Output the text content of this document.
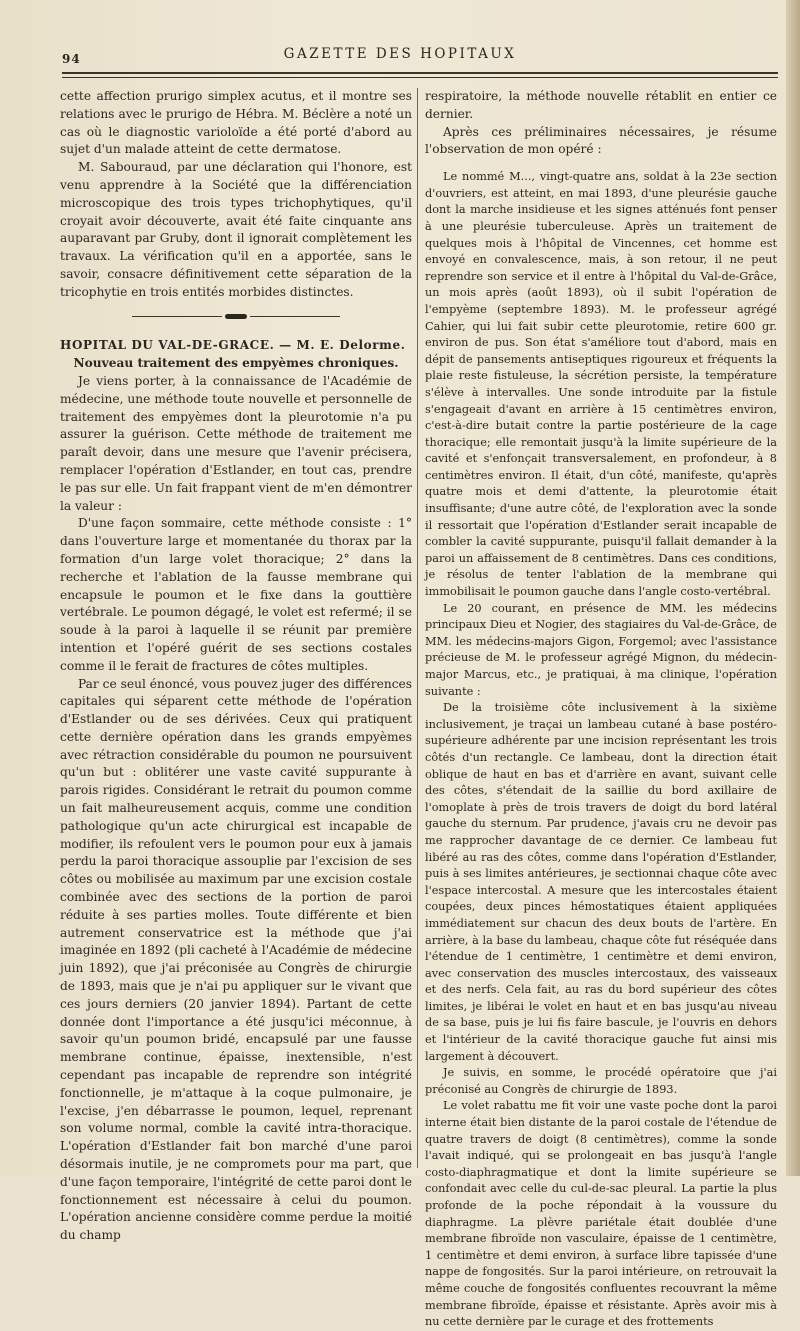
94	GAZETTE DES HOPITAUX

cette affection prurigo simplex acutus, et il montre ses relations avec le prurigo de Hébra. M. Béclère a noté un cas où le diagnostic varioloïde a été porté d'abord au sujet d'un malade atteint de cette dermatose.

M. Sabouraud, par une déclaration qui l'honore, est venu apprendre à la Société que la différenciation microscopique des trois types trichophytiques, qu'il croyait avoir découverte, avait été faite cinquante ans auparavant par Gruby, dont il ignorait complètement les travaux. La vérification qu'il en a apportée, sans le savoir, consacre définitivement cette séparation de la tricophytie en trois entités morbides distinctes.

HOPITAL DU VAL-DE-GRACE. — M. E. Delorme.

Nouveau traitement des empyèmes chroniques.

Je viens porter, à la connaissance de l'Académie de médecine, une méthode toute nouvelle et personnelle de traitement des empyèmes dont la pleurotomie n'a pu assurer la guérison. Cette méthode de traitement me paraît devoir, dans une mesure que l'avenir précisera, remplacer l'opération d'Estlander, en tout cas, prendre le pas sur elle. Un fait frappant vient de m'en démontrer la valeur :

D'une façon sommaire, cette méthode consiste : 1° dans l'ouverture large et momentanée du thorax par la formation d'un large volet thoracique; 2° dans la recherche et l'ablation de la fausse membrane qui encapsule le poumon et le fixe dans la gouttière vertébrale. Le poumon dégagé, le volet est refermé; il se soude à la paroi à laquelle il se réunit par première intention et l'opéré guérit de ses sections costales comme il le ferait de fractures de côtes multiples.

Par ce seul énoncé, vous pouvez juger des différences capitales qui séparent cette méthode de l'opération d'Estlander ou de ses dérivées. Ceux qui pratiquent cette dernière opération dans les grands empyèmes avec rétraction considérable du poumon ne poursuivent qu'un but : oblitérer une vaste cavité suppurante à parois rigides. Considérant le retrait du poumon comme un fait malheureusement acquis, comme une condition pathologique qu'un acte chirurgical est incapable de modifier, ils refoulent vers le poumon pour eux à jamais perdu la paroi thoracique assouplie par l'excision de ses côtes ou mobilisée au maximum par une excision costale combinée avec des sections de la portion de paroi réduite à ses parties molles. Toute différente et bien autrement conservatrice est la méthode que j'ai imaginée en 1892 (pli cacheté à l'Académie de médecine juin 1892), que j'ai préconisée au Congrès de chirurgie de 1893, mais que je n'ai pu appliquer sur le vivant que ces jours derniers (20 janvier 1894). Partant de cette donnée dont l'importance a été jusqu'ici méconnue, à savoir qu'un poumon bridé, encapsulé par une fausse membrane continue, épaisse, inextensible, n'est cependant pas incapable de reprendre son intégrité fonctionnelle, je m'attaque à la coque pulmonaire, je l'excise, j'en débarrasse le poumon, lequel, reprenant son volume normal, comble la cavité intra-thoracique. L'opération d'Estlander fait bon marché d'une paroi désormais inutile, je ne compromets pour ma part, que d'une façon temporaire, l'intégrité de cette paroi dont le fonctionnement est nécessaire à celui du poumon. L'opération ancienne considère comme perdue la moitié du champ

respiratoire, la méthode nouvelle rétablit en entier ce dernier.

Après ces préliminaires nécessaires, je résume l'observation de mon opéré :

Le nommé M..., vingt-quatre ans, soldat à la 23e section d'ouvriers, est atteint, en mai 1893, d'une pleurésie gauche dont la marche insidieuse et les signes atténués font penser à une pleurésie tuberculeuse. Après un traitement de quelques mois à l'hôpital de Vincennes, cet homme est envoyé en convalescence, mais, à son retour, il ne peut reprendre son service et il entre à l'hôpital du Val-de-Grâce, un mois après (août 1893), où il subit l'opération de l'empyème (septembre 1893). M. le professeur agrégé Cahier, qui lui fait subir cette pleurotomie, retire 600 gr. environ de pus. Son état s'améliore tout d'abord, mais en dépit de pansements antiseptiques rigoureux et fréquents la plaie reste fistuleuse, la sécrétion persiste, la température s'élève à intervalles. Une sonde introduite par la fistule s'engageait d'avant en arrière à 15 centimètres environ, c'est-à-dire butait contre la partie postérieure de la cage thoracique; elle remontait jusqu'à la limite supérieure de la cavité et s'enfonçait transversalement, en profondeur, à 8 centimètres environ. Il était, d'un côté, manifeste, qu'après quatre mois et demi d'attente, la pleurotomie était insuffisante; d'une autre côté, de l'exploration avec la sonde il ressortait que l'opération d'Estlander serait incapable de combler la cavité suppurante, puisqu'il fallait demander à la paroi un affaissement de 8 centimètres. Dans ces conditions, je résolus de tenter l'ablation de la membrane qui immobilisait le poumon gauche dans l'angle costo-vertébral.

Le 20 courant, en présence de MM. les médecins principaux Dieu et Nogier, des stagiaires du Val-de-Grâce, de MM. les médecins-majors Gigon, Forgemol; avec l'assistance précieuse de M. le professeur agrégé Mignon, du médecin-major Marcus, etc., je pratiquai, à ma clinique, l'opération suivante :

De la troisième côte inclusivement à la sixième inclusivement, je traçai un lambeau cutané à base postéro-supérieure adhérente par une incision représentant les trois côtés d'un rectangle. Ce lambeau, dont la direction était oblique de haut en bas et d'arrière en avant, suivant celle des côtes, s'étendait de la saillie du bord axillaire de l'omoplate à près de trois travers de doigt du bord latéral gauche du sternum. Par prudence, j'avais cru ne devoir pas me rapprocher davantage de ce dernier. Ce lambeau fut libéré au ras des côtes, comme dans l'opération d'Estlander, puis à ses limites antérieures, je sectionnai chaque côte avec l'espace intercostal. A mesure que les intercostales étaient coupées, deux pinces hémostatiques étaient appliquées immédiatement sur chacun des deux bouts de l'artère. En arrière, à la base du lambeau, chaque côte fut réséquée dans l'étendue de 1 centimètre, 1 centimètre et demi environ, avec conservation des muscles intercostaux, des vaisseaux et des nerfs. Cela fait, au ras du bord supérieur des côtes limites, je libérai le volet en haut et en bas jusqu'au niveau de sa base, puis je lui fis faire bascule, je l'ouvris en dehors et l'intérieur de la cavité thoracique gauche fut ainsi mis largement à découvert.

Je suivis, en somme, le procédé opératoire que j'ai préconisé au Congrès de chirurgie de 1893.

Le volet rabattu me fit voir une vaste poche dont la paroi interne était bien distante de la paroi costale de l'étendue de quatre travers de doigt (8 centimètres), comme la sonde l'avait indiqué, qui se prolongeait en bas jusqu'à l'angle costo-diaphragmatique et dont la limite supérieure se confondait avec celle du cul-de-sac pleural. La partie la plus profonde de la poche répondait à la voussure du diaphragme. La plèvre pariétale était doublée d'une membrane fibroïde non vasculaire, épaisse de 1 centimètre, 1 centimètre et demi environ, à surface libre tapissée d'une nappe de fongosités. Sur la paroi intérieure, on retrouvait la même couche de fongosités confluentes recouvrant la même membrane fibroïde, épaisse et résistante. Après avoir mis à nu cette dernière par le curage et des frottements
